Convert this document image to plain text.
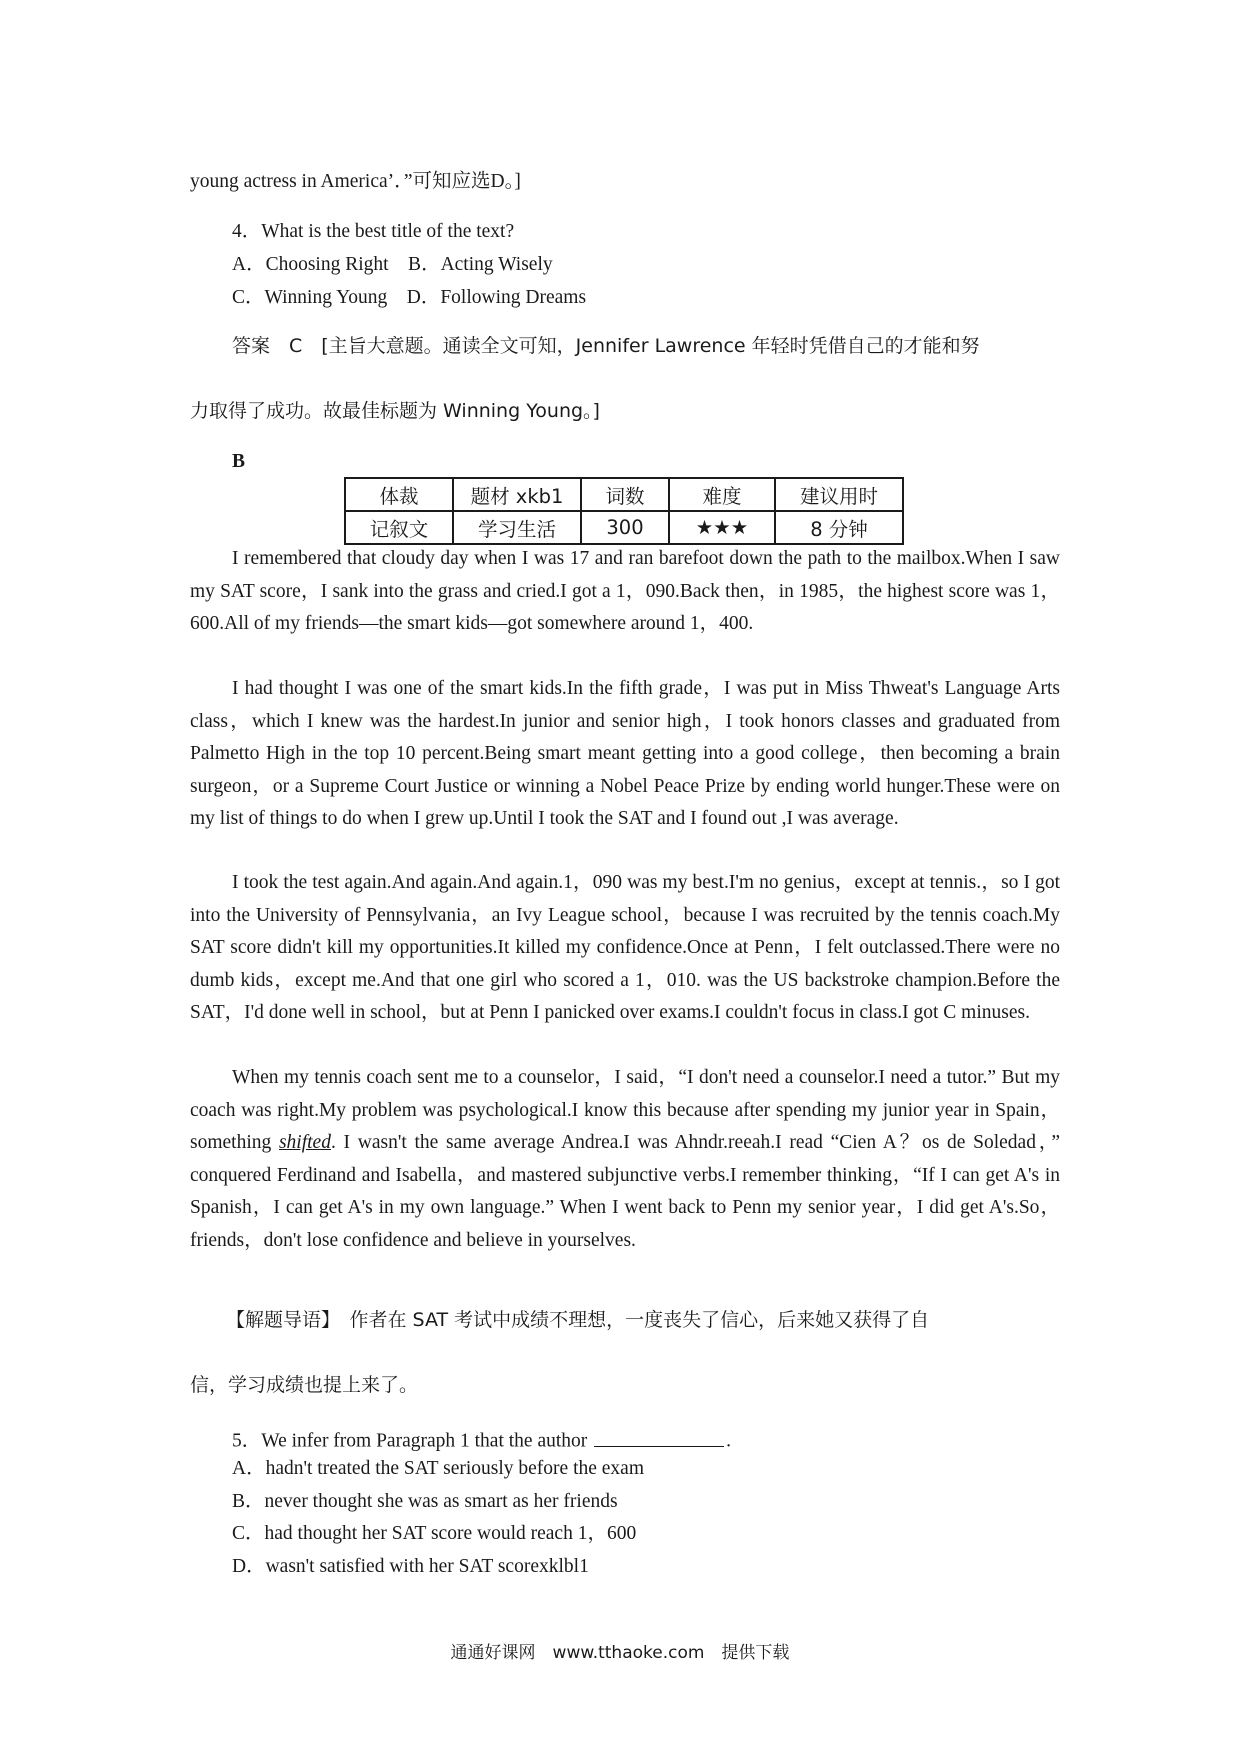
young actress in America’．”可知应选D。]
4．What is the best title of the text?
A．Choosing Right　B．Acting Wisely
C．Winning Young　D．Following Dreams
答案　C　[主旨大意题。通读全文可知，Jennifer Lawrence 年轻时凭借自己的才能和努
力取得了成功。故最佳标题为 Winning Young。]
B
体裁	题材 xkb1	词数	难度	建议用时
记叙文	学习生活	300	★★★	8 分钟
I remembered that cloudy day when I was 17 and ran barefoot down the path to the mailbox.When I saw my SAT score，I sank into the grass and cried.I got a 1，090.Back then，in 1985，the highest score was 1，600.All of my friends—the smart kids—got somewhere around 1，400.
I had thought I was one of the smart kids.In the fifth grade，I was put in Miss Thweat's Language Arts class，which I knew was the hardest.In junior and senior high，I took honors classes and graduated from Palmetto High in the top 10 percent.Being smart meant getting into a good college，then becoming a brain surgeon，or a Supreme Court Justice or winning a Nobel Peace Prize by ending world hunger.These were on my list of things to do when I grew up.Until I took the SAT and I found out ,I was average.
I took the test again.And again.And again.1，090 was my best.I'm no genius，except at tennis.，so I got into the University of Pennsylvania，an Ivy League school，because I was recruited by the tennis coach.My SAT score didn't kill my opportunities.It killed my confidence.Once at Penn，I felt outclassed.There were no dumb kids，except me.And that one girl who scored a 1，010. was the US backstroke champion.Before the SAT，I'd done well in school，but at Penn I panicked over exams.I couldn't focus in class.I got C minuses.
When my tennis coach sent me to a counselor，I said，“I don't need a counselor.I need a tutor.” But my coach was right.My problem was psychological.I know this because after spending my junior year in Spain，something shifted. I wasn't the same average Andrea.I was Ahndr.reeah.I read “Cien A？os de Soledad，” conquered Ferdinand and Isabella，and mastered subjunctive verbs.I remember thinking，“If I can get A's in Spanish，I can get A's in my own language.” When I went back to Penn my senior year，I did get A's.So，friends，don't lose confidence and believe in yourselves.
【解题导语】　作者在 SAT 考试中成绩不理想，一度丧失了信心，后来她又获得了自
信，学习成绩也提上来了。
5．We infer from Paragraph 1 that the author	.
A．hadn't treated the SAT seriously before the exam
B．never thought she was as smart as her friends
C．had thought her SAT score would reach 1，600
D．wasn't satisfied with her SAT scorexklbl1
通通好课网　www.tthaoke.com　提供下载
